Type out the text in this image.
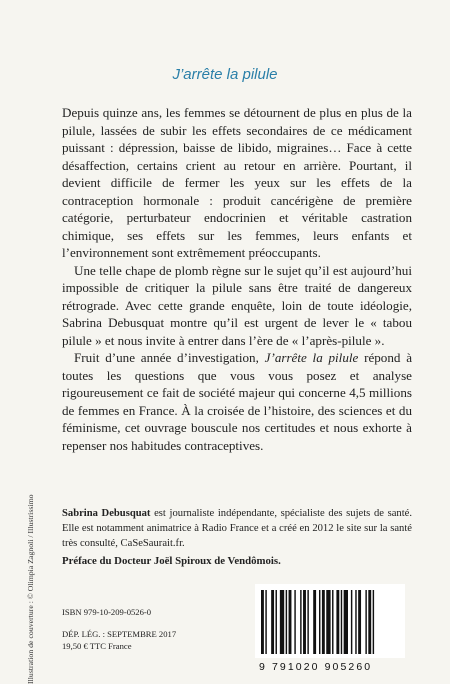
J’arrête la pilule

Depuis quinze ans, les femmes se détournent de plus en plus de la pilule, lassées de subir les effets secondaires de ce médicament puissant : dépression, baisse de libido, migraines… Face à cette désaffection, certains crient au retour en arrière. Pourtant, il devient difficile de fermer les yeux sur les effets de la contraception hormonale : produit cancérigène de première catégorie, perturbateur endocrinien et véritable castration chimique, ses effets sur les femmes, leurs enfants et l’environnement sont extrêmement préoccupants.

Une telle chape de plomb règne sur le sujet qu’il est aujourd’hui impossible de critiquer la pilule sans être traité de dangereux rétrograde. Avec cette grande enquête, loin de toute idéologie, Sabrina Debusquat montre qu’il est urgent de lever le « tabou pilule » et nous invite à entrer dans l’ère de « l’après-pilule ».

Fruit d’une année d’investigation, J’arrête la pilule répond à toutes les questions que vous vous posez et analyse rigoureusement ce fait de société majeur qui concerne 4,5 millions de femmes en France. À la croisée de l’histoire, des sciences et du féminisme, cet ouvrage bouscule nos certitudes et nous exhorte à repenser nos habitudes contraceptives.

Sabrina Debusquat est journaliste indépendante, spécialiste des sujets de santé. Elle est notamment animatrice à Radio France et a créé en 2012 le site sur la santé très consulté, CaSeSaurait.fr.
Préface du Docteur Joël Spiroux de Vendômois.
Illustration de couverture : © Olimpia Zagnoli / Illustrissimo	ISBN 979-10-209-0526-0
DÉP. LÉG. : SEPTEMBRE 2017
19,50 € TTC France
9 791020 905260
